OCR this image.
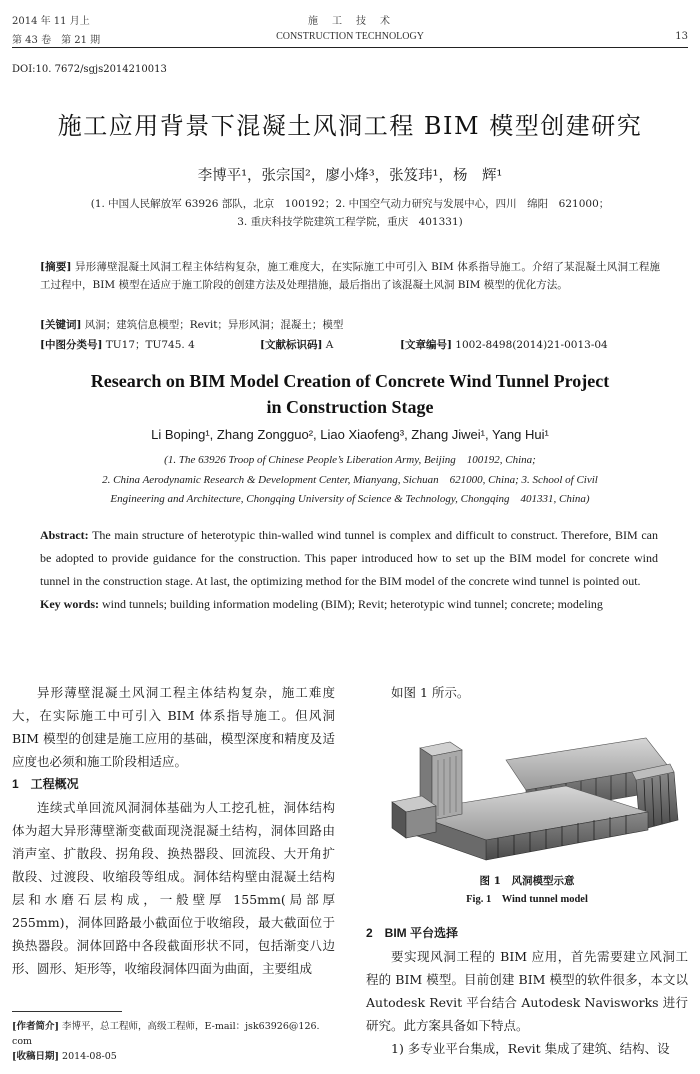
2014 年 11 月上
第 43 卷　第 21 期
施　工　技　术
CONSTRUCTION TECHNOLOGY	13
DOI:10. 7672/sgjs2014210013
施工应用背景下混凝土风洞工程 BIM 模型创建研究
李博平¹，张宗国²，廖小烽³，张笈玮¹，杨　辉¹
(1. 中国人民解放军 63926 部队，北京　100192；2. 中国空气动力研究与发展中心，四川　绵阳　621000；
3. 重庆科技学院建筑工程学院，重庆　401331)
[摘要] 异形薄壁混凝土风洞工程主体结构复杂，施工难度大，在实际施工中可引入 BIM 体系指导施工。介绍了某混凝土风洞工程施工过程中，BIM 模型在适应于施工阶段的创建方法及处理措施，最后指出了该混凝土风洞 BIM 模型的优化方法。
[关键词] 风洞；建筑信息模型；Revit；异形风洞；混凝土；模型
[中图分类号] TU17；TU745. 4	[文献标识码] A	[文章编号] 1002-8498(2014)21-0013-04
Research on BIM Model Creation of Concrete Wind Tunnel Project
in Construction Stage
Li Boping¹, Zhang Zongguo², Liao Xiaofeng³, Zhang Jiwei¹, Yang Hui¹
(1. The 63926 Troop of Chinese People’s Liberation Army, Beijing　100192, China;
2. China Aerodynamic Research & Development Center, Mianyang, Sichuan　621000, China; 3. School of Civil
Engineering and Architecture, Chongqing University of Science & Technology, Chongqing　401331, China)
Abstract: The main structure of heterotypic thin-walled wind tunnel is complex and difficult to construct. Therefore, BIM can be adopted to provide guidance for the construction. This paper introduced how to set up the BIM model for concrete wind tunnel in the construction stage. At last, the optimizing method for the BIM model of the concrete wind tunnel is pointed out.
Key words: wind tunnels; building information modeling (BIM); Revit; heterotypic wind tunnel; concrete; modeling

异形薄壁混凝土风洞工程主体结构复杂，施工难度大，在实际施工中可引入 BIM 体系指导施工。但风洞 BIM 模型的创建是施工应用的基础，模型深度和精度及适应度也必须和施工阶段相适应。

1　工程概况

连续式单回流风洞洞体基础为人工挖孔桩，洞体结构体为超大异形薄壁渐变截面现浇混凝土结构，洞体回路由消声室、扩散段、拐角段、换热器段、回流段、大开角扩散段、过渡段、收缩段等组成。洞体结构壁由混凝土结构层和水磨石层构成，一般壁厚 155mm(局部厚 255mm)，洞体回路最小截面位于收缩段，最大截面位于换热器段。洞体回路中各段截面形状不同，包括渐变八边形、圆形、矩形等，收缩段洞体四面为曲面，主要组成

[作者简介] 李博平，总工程师，高级工程师，E-mail：jsk63926@126. com
[收稿日期] 2014-08-05

如图 1 所示。

图 1　风洞模型示意
Fig. 1　Wind tunnel model

2　BIM 平台选择

要实现风洞工程的 BIM 应用，首先需要建立风洞工程的 BIM 模型。目前创建 BIM 模型的软件很多，本文以 Autodesk Revit 平台结合 Autodesk Navisworks 进行研究。此方案具备如下特点。

1) 多专业平台集成，Revit 集成了建筑、结构、设
